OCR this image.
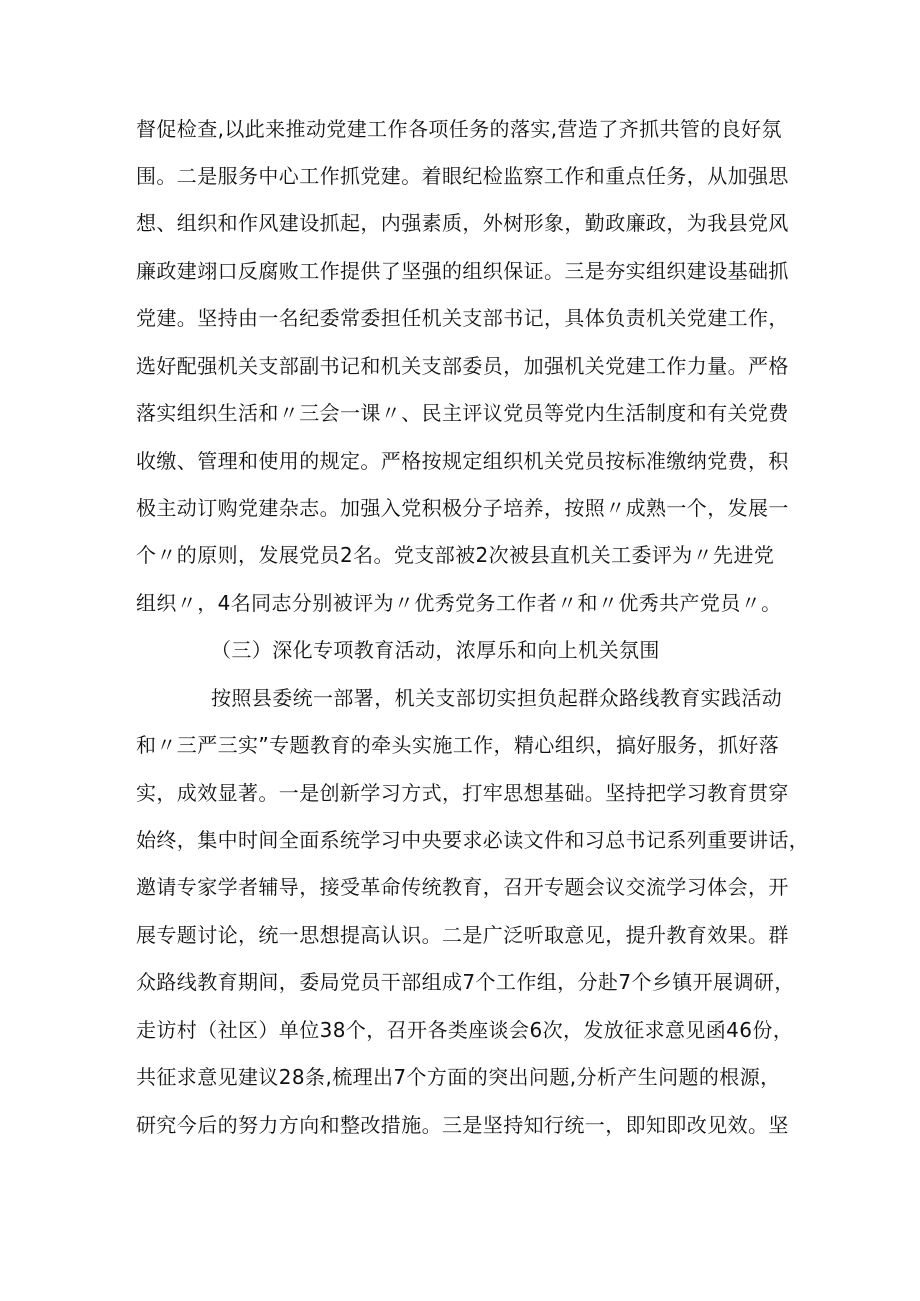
督促检查,以此来推动党建工作各项任务的落实,营造了齐抓共管的良好氛

围。二是服务中心工作抓党建。着眼纪检监察工作和重点任务，从加强思

想、组织和作风建设抓起，内强素质，外树形象，勤政廉政，为我县党风

廉政建翊口反腐败工作提供了坚强的组织保证。三是夯实组织建设基础抓

党建。坚持由一名纪委常委担任机关支部书记，具体负责机关党建工作，

选好配强机关支部副书记和机关支部委员，加强机关党建工作力量。严格

落实组织生活和〃三会一课〃、民主评议党员等党内生活制度和有关党费

收缴、管理和使用的规定。严格按规定组织机关党员按标准缴纳党费，积

极主动订购党建杂志。加强入党积极分子培养，按照〃成熟一个，发展一

个〃的原则，发展党员2名。党支部被2次被县直机关工委评为〃先进党

组织〃，4名同志分别被评为〃优秀党务工作者〃和〃优秀共产党员〃。

（三）深化专项教育活动，浓厚乐和向上机关氛围

按照县委统一部署，机关支部切实担负起群众路线教育实践活动

和〃三严三实”专题教育的牵头实施工作，精心组织，搞好服务，抓好落

实，成效显著。一是创新学习方式，打牢思想基础。坚持把学习教育贯穿

始终，集中时间全面系统学习中央要求必读文件和习总书记系列重要讲话，

邀请专家学者辅导，接受革命传统教育，召开专题会议交流学习体会，开

展专题讨论，统一思想提高认识。二是广泛听取意见，提升教育效果。群

众路线教育期间，委局党员干部组成7个工作组，分赴7个乡镇开展调研，

走访村（社区）单位38个，召开各类座谈会6次，发放征求意见函46份，

共征求意见建议28条,梳理出7个方面的突出问题,分析产生问题的根源，

研究今后的努力方向和整改措施。三是坚持知行统一，即知即改见效。坚
